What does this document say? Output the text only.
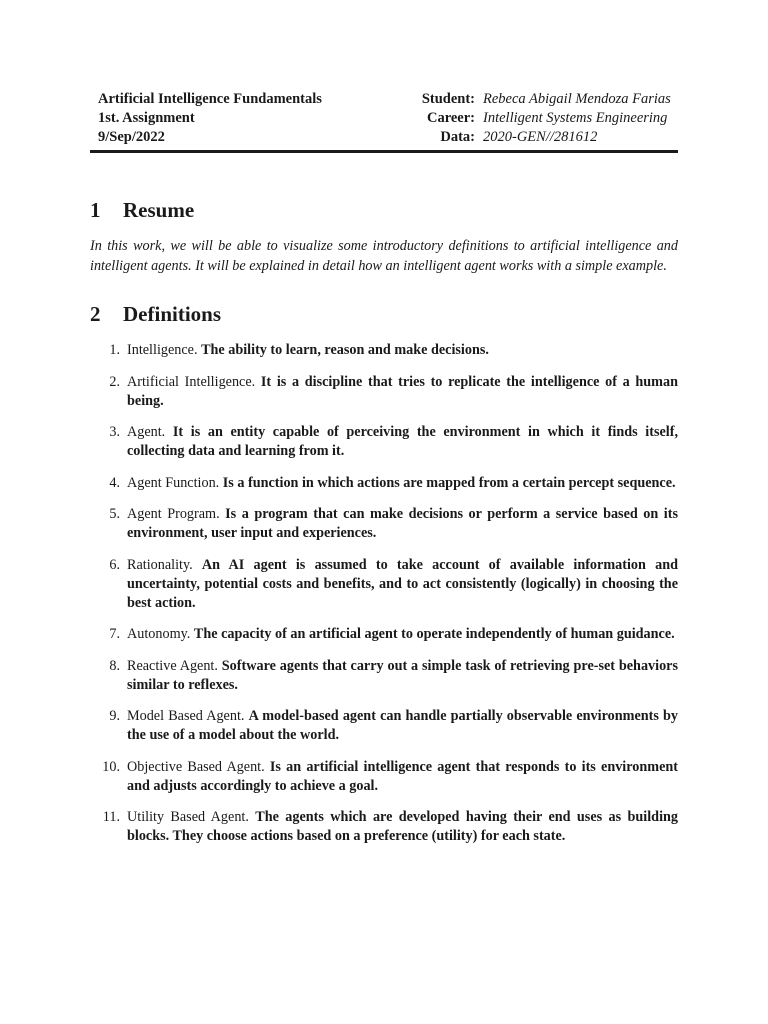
Artificial Intelligence Fundamentals
1st. Assignment
9/Sep/2022
Student: Rebeca Abigail Mendoza Farias
Career: Intelligent Systems Engineering
Data: 2020-GEN//281612
1 Resume
In this work, we will be able to visualize some introductory definitions to artificial intelligence and intelligent agents. It will be explained in detail how an intelligent agent works with a simple example.
2 Definitions
1. Intelligence. The ability to learn, reason and make decisions.
2. Artificial Intelligence. It is a discipline that tries to replicate the intelligence of a human being.
3. Agent. It is an entity capable of perceiving the environment in which it finds itself, collecting data and learning from it.
4. Agent Function. Is a function in which actions are mapped from a certain percept sequence.
5. Agent Program. Is a program that can make decisions or perform a service based on its environment, user input and experiences.
6. Rationality. An AI agent is assumed to take account of available information and uncertainty, potential costs and benefits, and to act consistently (logically) in choosing the best action.
7. Autonomy. The capacity of an artificial agent to operate independently of human guidance.
8. Reactive Agent. Software agents that carry out a simple task of retrieving pre-set behaviors similar to reflexes.
9. Model Based Agent. A model-based agent can handle partially observable environments by the use of a model about the world.
10. Objective Based Agent. Is an artificial intelligence agent that responds to its environment and adjusts accordingly to achieve a goal.
11. Utility Based Agent. The agents which are developed having their end uses as building blocks. They choose actions based on a preference (utility) for each state.
